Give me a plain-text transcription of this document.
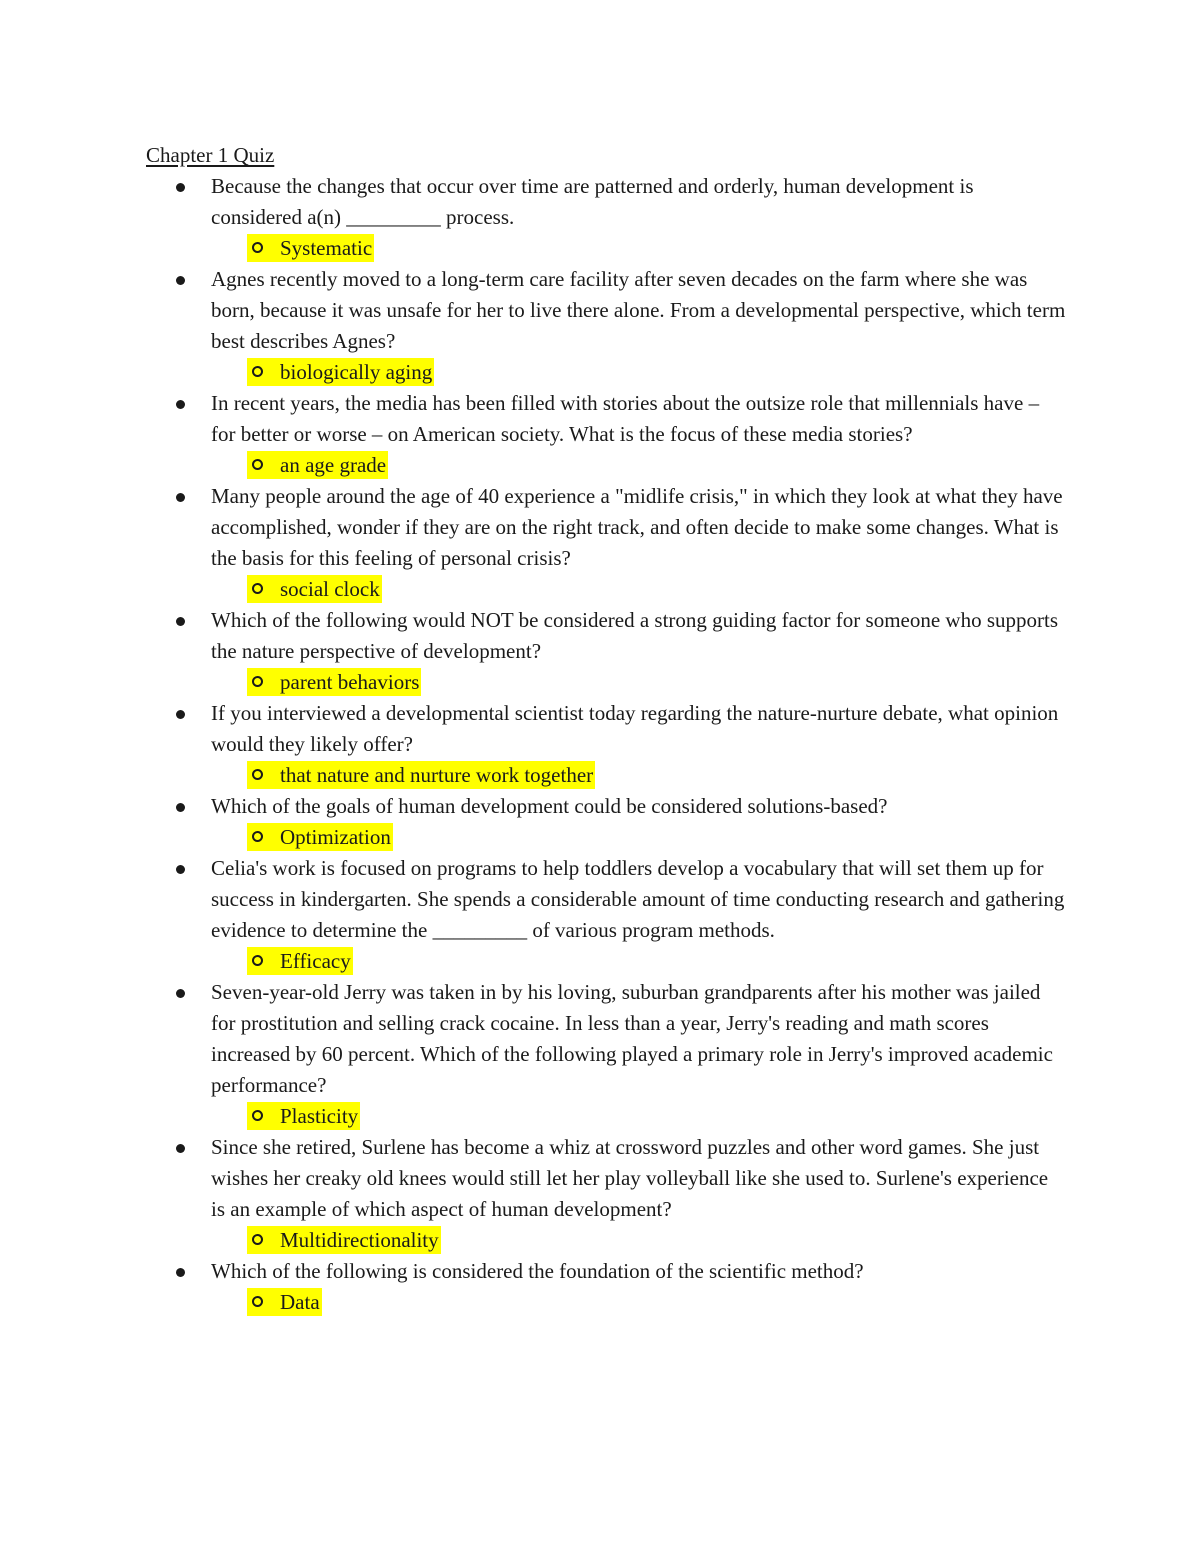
Chapter 1 Quiz
Because the changes that occur over time are patterned and orderly, human development is considered a(n) _________ process.
Systematic
Agnes recently moved to a long-term care facility after seven decades on the farm where she was born, because it was unsafe for her to live there alone. From a developmental perspective, which term best describes Agnes?
biologically aging
In recent years, the media has been filled with stories about the outsize role that millennials have – for better or worse – on American society. What is the focus of these media stories?
an age grade
Many people around the age of 40 experience a "midlife crisis," in which they look at what they have accomplished, wonder if they are on the right track, and often decide to make some changes. What is the basis for this feeling of personal crisis?
social clock
Which of the following would NOT be considered a strong guiding factor for someone who supports the nature perspective of development?
parent behaviors
If you interviewed a developmental scientist today regarding the nature-nurture debate, what opinion would they likely offer?
that nature and nurture work together
Which of the goals of human development could be considered solutions-based?
Optimization
Celia's work is focused on programs to help toddlers develop a vocabulary that will set them up for success in kindergarten. She spends a considerable amount of time conducting research and gathering evidence to determine the _________ of various program methods.
Efficacy
Seven-year-old Jerry was taken in by his loving, suburban grandparents after his mother was jailed for prostitution and selling crack cocaine. In less than a year, Jerry's reading and math scores increased by 60 percent. Which of the following played a primary role in Jerry's improved academic performance?
Plasticity
Since she retired, Surlene has become a whiz at crossword puzzles and other word games. She just wishes her creaky old knees would still let her play volleyball like she used to. Surlene's experience is an example of which aspect of human development?
Multidirectionality
Which of the following is considered the foundation of the scientific method?
Data
